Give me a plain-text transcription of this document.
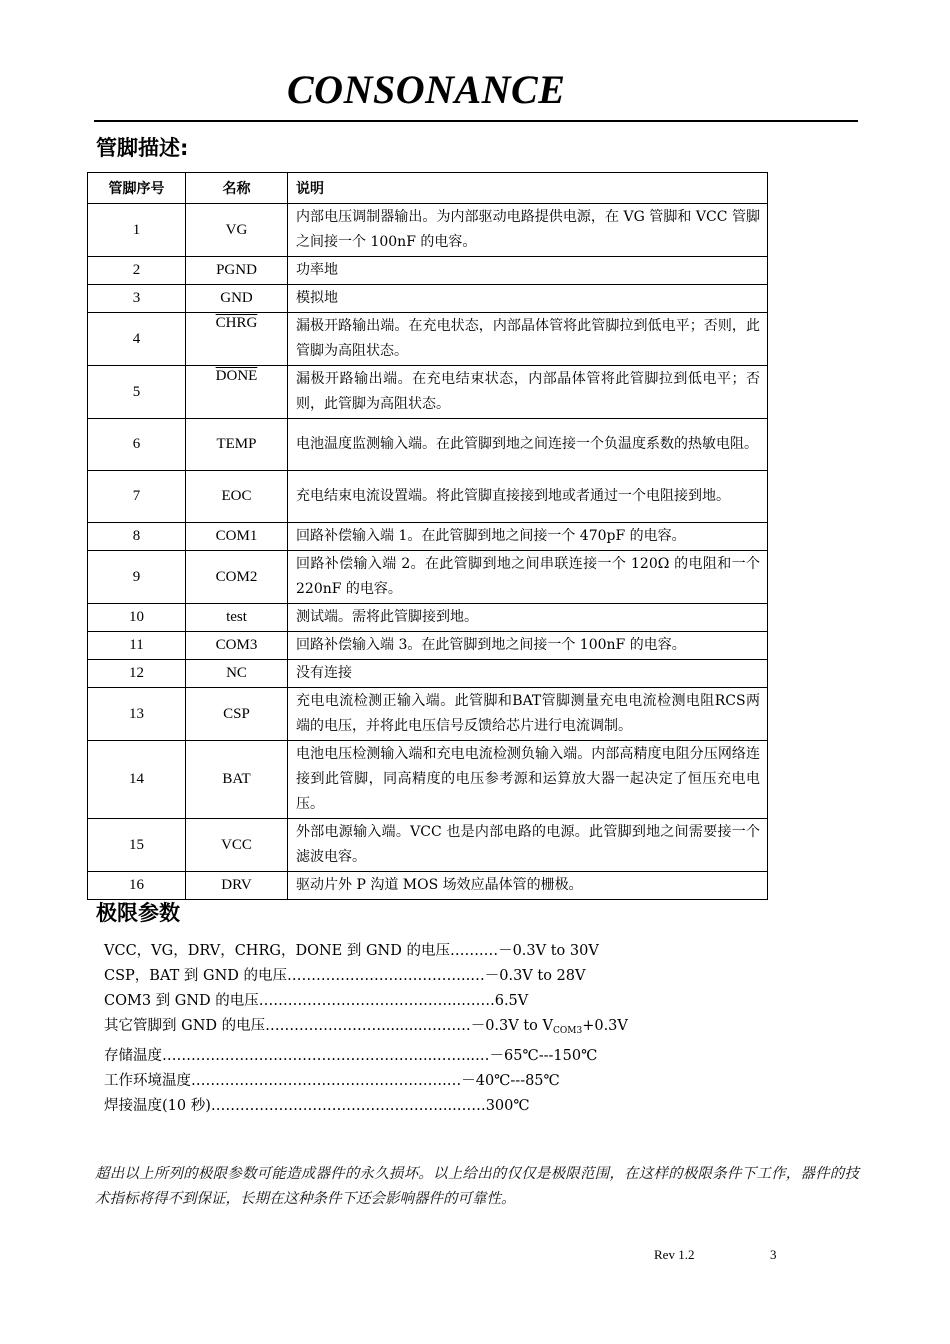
CONSONANCE
管脚描述:
管脚序号	名称	说明
1	VG	内部电压调制器输出。为内部驱动电路提供电源，在 VG 管脚和 VCC 管脚之间接一个 100nF 的电容。
2	PGND	功率地
3	GND	模拟地
4	CHRG	漏极开路输出端。在充电状态，内部晶体管将此管脚拉到低电平；否则，此管脚为高阻状态。
5	DONE	漏极开路输出端。在充电结束状态，内部晶体管将此管脚拉到低电平；否则，此管脚为高阻状态。
6	TEMP	电池温度监测输入端。在此管脚到地之间连接一个负温度系数的热敏电阻。
7	EOC	充电结束电流设置端。将此管脚直接接到地或者通过一个电阻接到地。
8	COM1	回路补偿输入端 1。在此管脚到地之间接一个 470pF 的电容。
9	COM2	回路补偿输入端 2。在此管脚到地之间串联连接一个 120Ω 的电阻和一个 220nF 的电容。
10	test	测试端。需将此管脚接到地。
11	COM3	回路补偿输入端 3。在此管脚到地之间接一个 100nF 的电容。
12	NC	没有连接
13	CSP	充电电流检测正输入端。此管脚和BAT管脚测量充电电流检测电阻RCS两端的电压，并将此电压信号反馈给芯片进行电流调制。
14	BAT	电池电压检测输入端和充电电流检测负输入端。内部高精度电阻分压网络连接到此管脚，同高精度的电压参考源和运算放大器一起决定了恒压充电电压。
15	VCC	外部电源输入端。VCC 也是内部电路的电源。此管脚到地之间需要接一个滤波电容。
16	DRV	驱动片外 P 沟道 MOS 场效应晶体管的栅极。
极限参数
VCC，VG，DRV，CHRG，DONE 到 GND 的电压…….…－0.3V to 30V
CSP，BAT 到 GND 的电压………………………………..…－0.3V to 28V
COM3 到 GND 的电压…………………………………...…….6.5V
其它管脚到 GND 的电压……………………..........………－0.3V to $V_{COM3}+0.3V$
存储温度………………………………………………...……..…－65℃---150℃
工作环境温度……………………….…………………….…－40℃---85℃
焊接温度(10 秒)…………………………………………...……300℃
超出以上所列的极限参数可能造成器件的永久损坏。以上给出的仅仅是极限范围，在这样的极限条件下工作，器件的技术指标将得不到保证，长期在这种条件下还会影响器件的可靠性。
Rev 1.2	3
